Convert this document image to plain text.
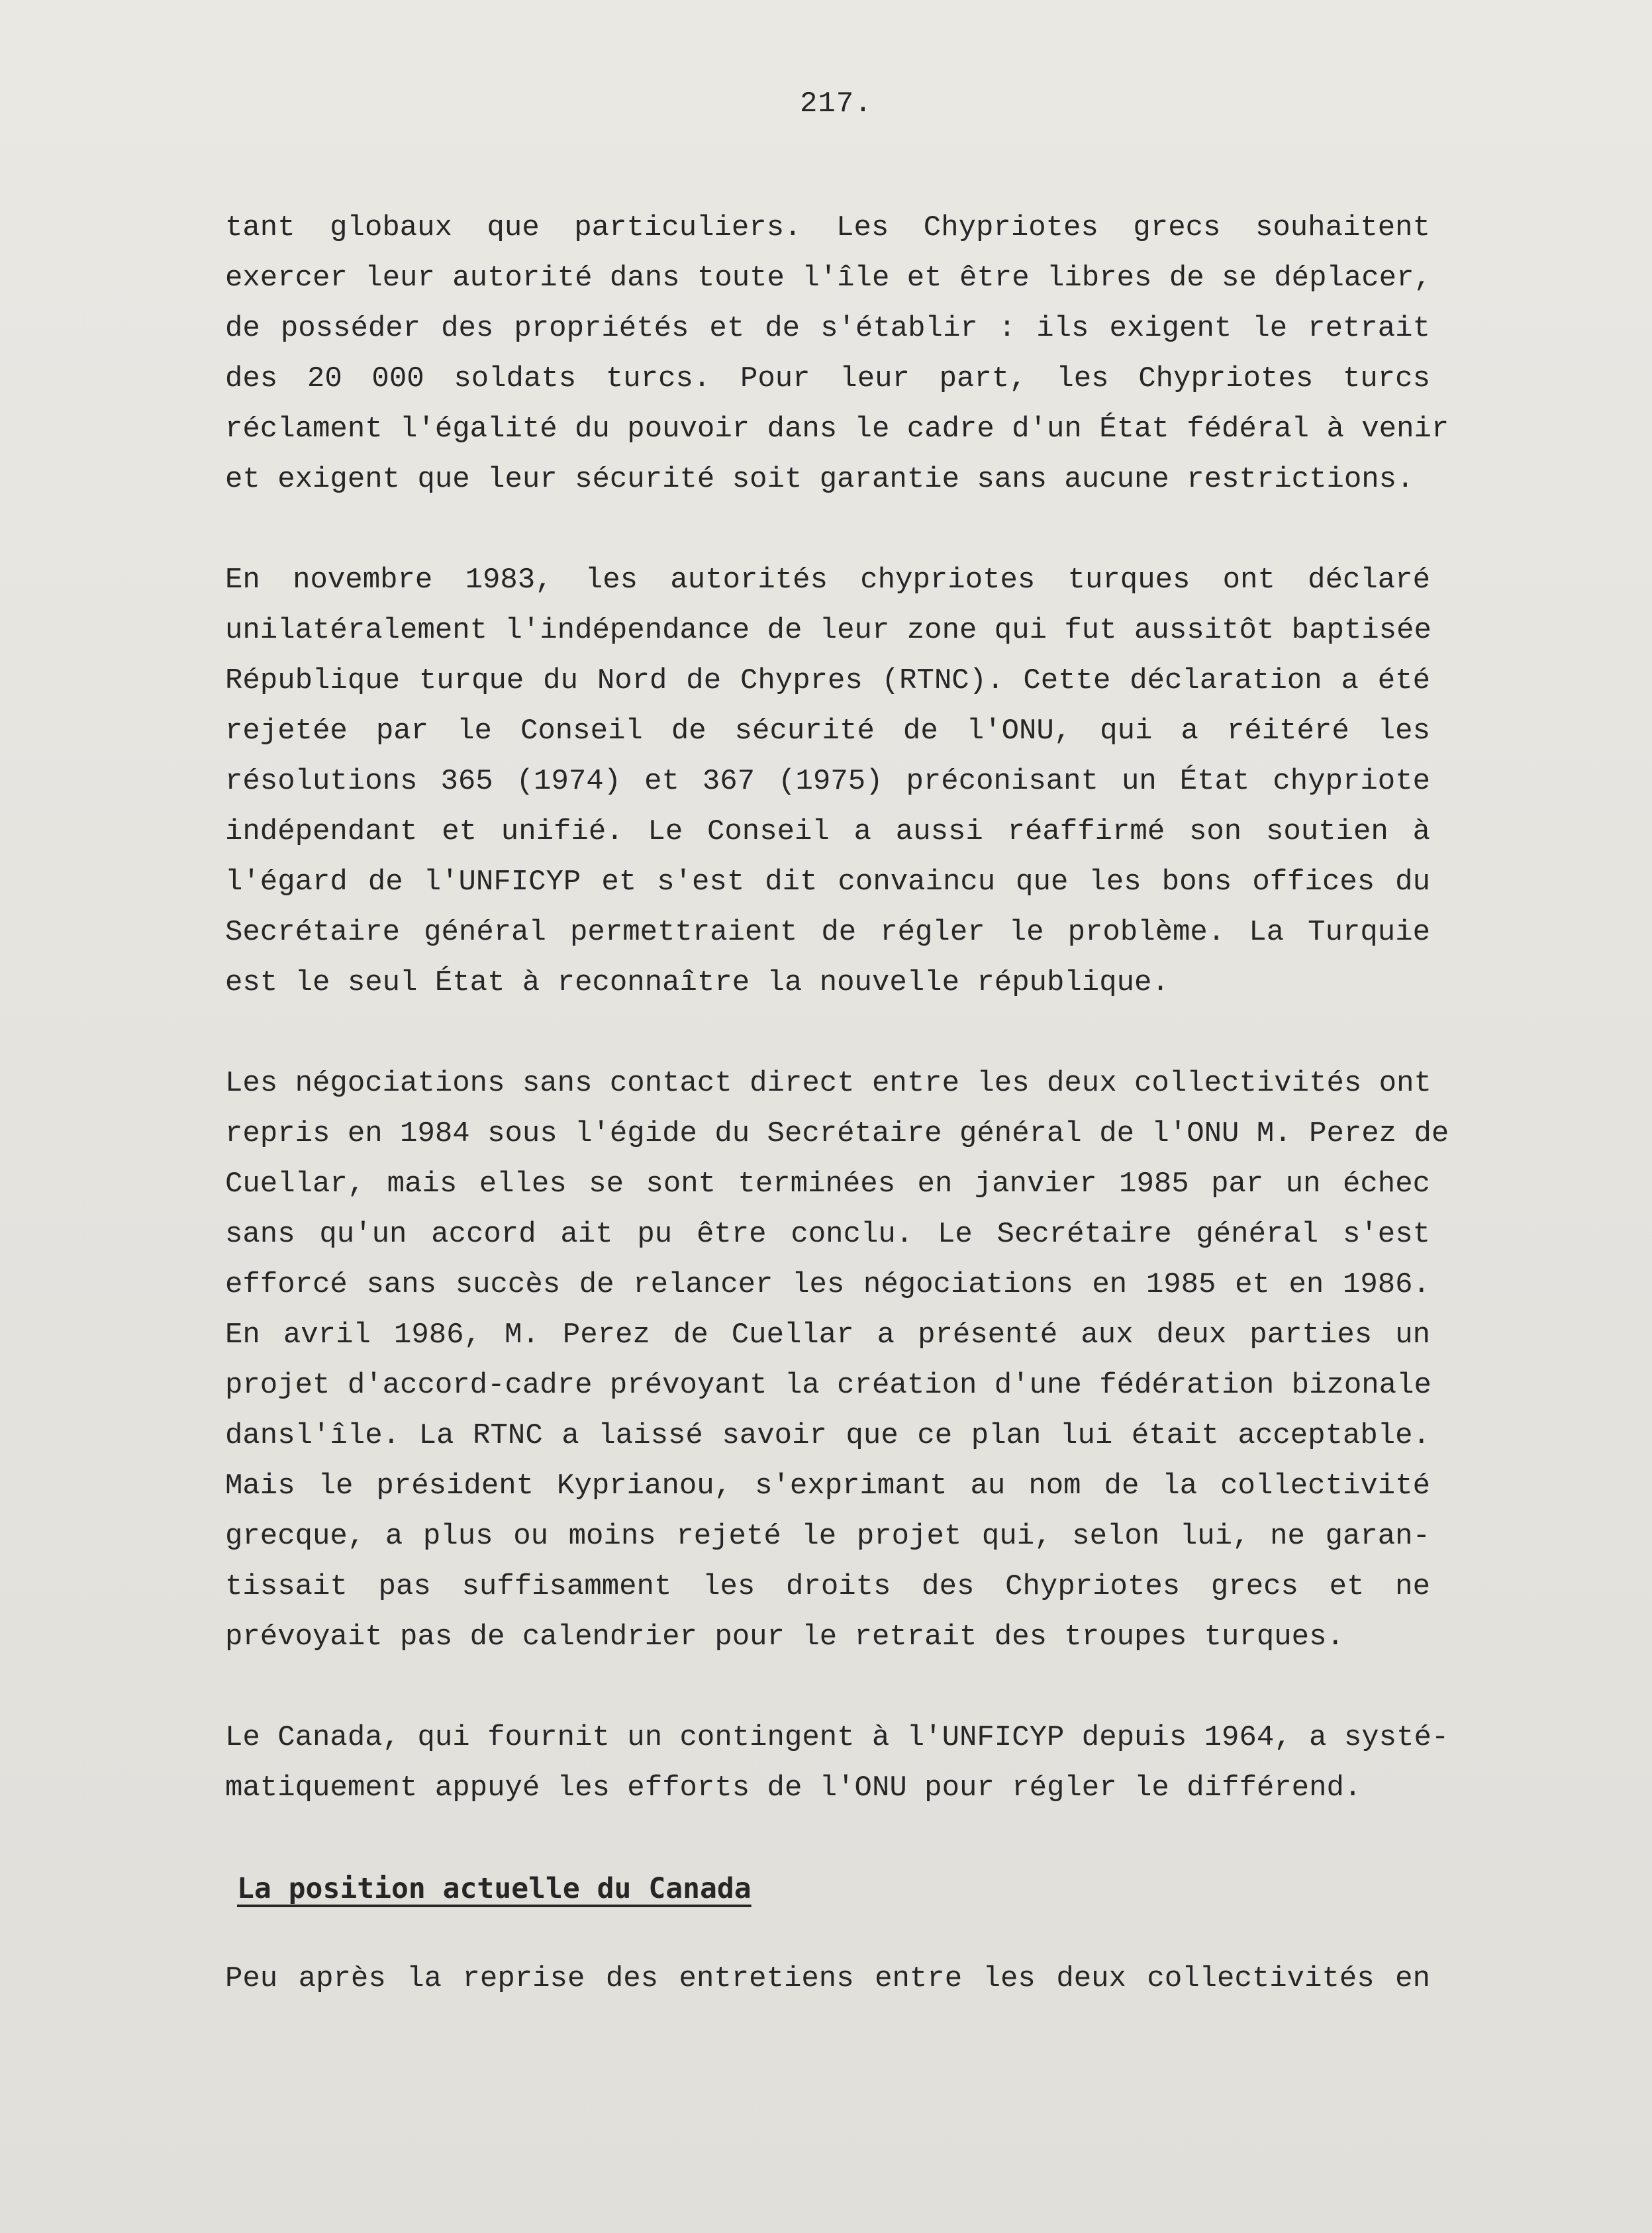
217.
tant globaux que particuliers. Les Chypriotes grecs souhaitent
exercer leur autorité dans toute l'île et être libres de se déplacer,
de posséder des propriétés et de s'établir : ils exigent le retrait
des 20 000 soldats turcs. Pour leur part, les Chypriotes turcs
réclament l'égalité du pouvoir dans le cadre d'un État fédéral à venir
et exigent que leur sécurité soit garantie sans aucune restrictions.
En novembre 1983, les autorités chypriotes turques ont déclaré
unilatéralement l'indépendance de leur zone qui fut aussitôt baptisée
République turque du Nord de Chypres (RTNC). Cette déclaration a été
rejetée par le Conseil de sécurité de l'ONU, qui a réitéré les
résolutions 365 (1974) et 367 (1975) préconisant un État chypriote
indépendant et unifié. Le Conseil a aussi réaffirmé son soutien à
l'égard de l'UNFICYP et s'est dit convaincu que les bons offices du
Secrétaire général permettraient de régler le problème. La Turquie
est le seul État à reconnaître la nouvelle république.
Les négociations sans contact direct entre les deux collectivités ont
repris en 1984 sous l'égide du Secrétaire général de l'ONU M. Perez de
Cuellar, mais elles se sont terminées en janvier 1985 par un échec
sans qu'un accord ait pu être conclu. Le Secrétaire général s'est
efforcé sans succès de relancer les négociations en 1985 et en 1986.
En avril 1986, M. Perez de Cuellar a présenté aux deux parties un
projet d'accord-cadre prévoyant la création d'une fédération bizonale
dansl'île. La RTNC a laissé savoir que ce plan lui était acceptable.
Mais le président Kyprianou, s'exprimant au nom de la collectivité
grecque, a plus ou moins rejeté le projet qui, selon lui, ne garan-
tissait pas suffisamment les droits des Chypriotes grecs et ne
prévoyait pas de calendrier pour le retrait des troupes turques.
Le Canada, qui fournit un contingent à l'UNFICYP depuis 1964, a systé-
matiquement appuyé les efforts de l'ONU pour régler le différend.
La position actuelle du Canada
Peu après la reprise des entretiens entre les deux collectivités en
